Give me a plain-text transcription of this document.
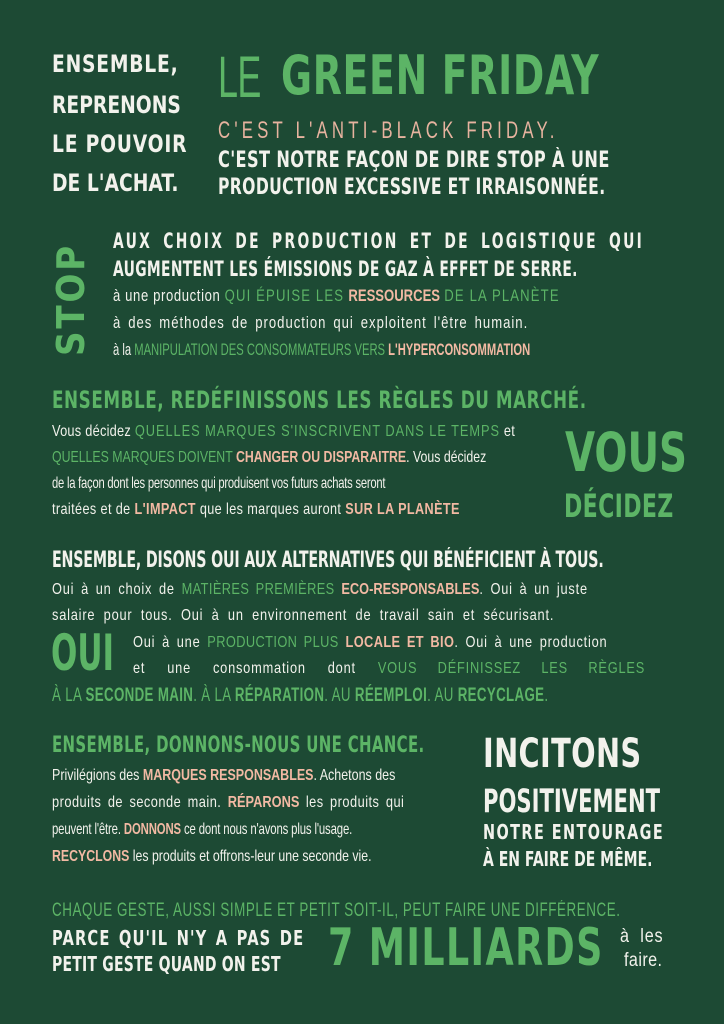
ENSEMBLE,
REPRENONS
LE POUVOIR
DE L'ACHAT.
LE GREEN FRIDAY
C'EST L'ANTI-BLACK FRIDAY.
C'EST NOTRE FAÇON DE DIRE STOP À UNE
PRODUCTION EXCESSIVE ET IRRAISONNÉE.
STOP
AUX CHOIX DE PRODUCTION ET DE LOGISTIQUE QUI
AUGMENTENT LES ÉMISSIONS DE GAZ À EFFET DE SERRE.
à une production QUI ÉPUISE LES RESSOURCES DE LA PLANÈTE
à des méthodes de production qui exploitent l'être humain.
à la MANIPULATION DES CONSOMMATEURS VERS L'HYPERCONSOMMATION
ENSEMBLE, REDÉFINISSONS LES RÈGLES DU MARCHÉ.
Vous décidez QUELLES MARQUES S'INSCRIVENT DANS LE TEMPS et
QUELLES MARQUES DOIVENT CHANGER OU DISPARAITRE. Vous décidez
de la façon dont les personnes qui produisent vos futurs achats seront
traitées et de L'IMPACT que les marques auront SUR LA PLANÈTE
VOUS
DÉCIDEZ
ENSEMBLE, DISONS OUI AUX ALTERNATIVES QUI BÉNÉFICIENT À TOUS.
Oui à un choix de MATIÈRES PREMIÈRES ECO-RESPONSABLES. Oui à un juste
salaire pour tous. Oui à un environnement de travail sain et sécurisant.
OUI Oui à une PRODUCTION PLUS LOCALE ET BIO. Oui à une production
et une consommation dont VOUS DÉFINISSEZ LES RÈGLES
À LA SECONDE MAIN. À LA RÉPARATION. AU RÉEMPLOI. AU RECYCLAGE.
ENSEMBLE, DONNONS-NOUS UNE CHANCE.
Privilégions des MARQUES RESPONSABLES. Achetons des
produits de seconde main. RÉPARONS les produits qui
peuvent l'être. DONNONS ce dont nous n'avons plus l'usage.
RECYCLONS les produits et offrons-leur une seconde vie.
INCITONS
POSITIVEMENT
NOTRE ENTOURAGE
À EN FAIRE DE MÊME.
CHAQUE GESTE, AUSSI SIMPLE ET PETIT SOIT-IL, PEUT FAIRE UNE DIFFÉRENCE.
PARCE QU'IL N'Y A PAS DE
PETIT GESTE QUAND ON EST 7 MILLIARDS à les
faire.
